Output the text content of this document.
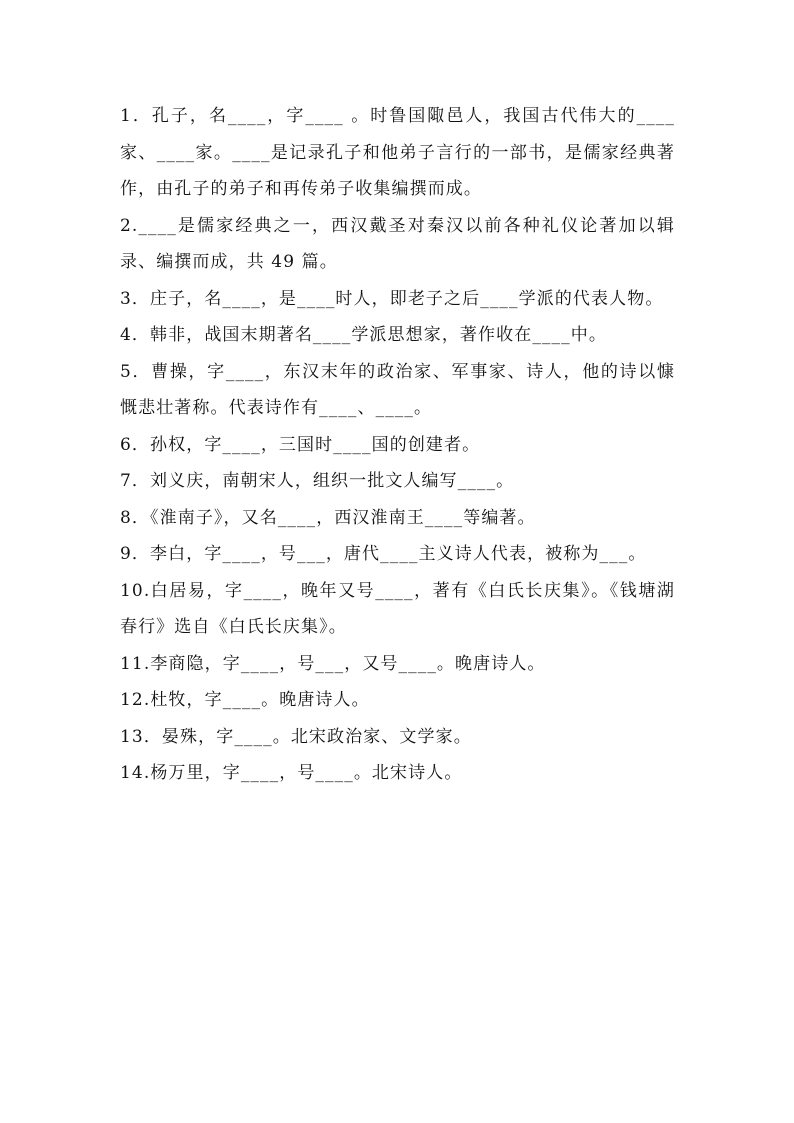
1．孔子，名____，字____ 。时鲁国陬邑人，我国古代伟大的____家、____家。____是记录孔子和他弟子言行的一部书，是儒家经典著作，由孔子的弟子和再传弟子收集编撰而成。

2.____是儒家经典之一，西汉戴圣对秦汉以前各种礼仪论著加以辑录、编撰而成，共 49 篇。

3．庄子，名____，是____时人，即老子之后____学派的代表人物。

4．韩非，战国末期著名____学派思想家，著作收在____中。

5．曹操，字____，东汉末年的政治家、军事家、诗人，他的诗以慷慨悲壮著称。代表诗作有____、____。

6．孙权，字____，三国时____国的创建者。

7．刘义庆，南朝宋人，组织一批文人编写____。

8．《淮南子》，又名____，西汉淮南王____等编著。

9．李白，字____，号___，唐代____主义诗人代表，被称为___。

10.白居易，字____，晚年又号____，著有《白氏长庆集》。《钱塘湖春行》选自《白氏长庆集》。

11.李商隐，字____，号___，又号____。晚唐诗人。

12.杜牧，字____。晚唐诗人。

13．晏殊，字____。北宋政治家、文学家。

14.杨万里，字____，号____。北宋诗人。
